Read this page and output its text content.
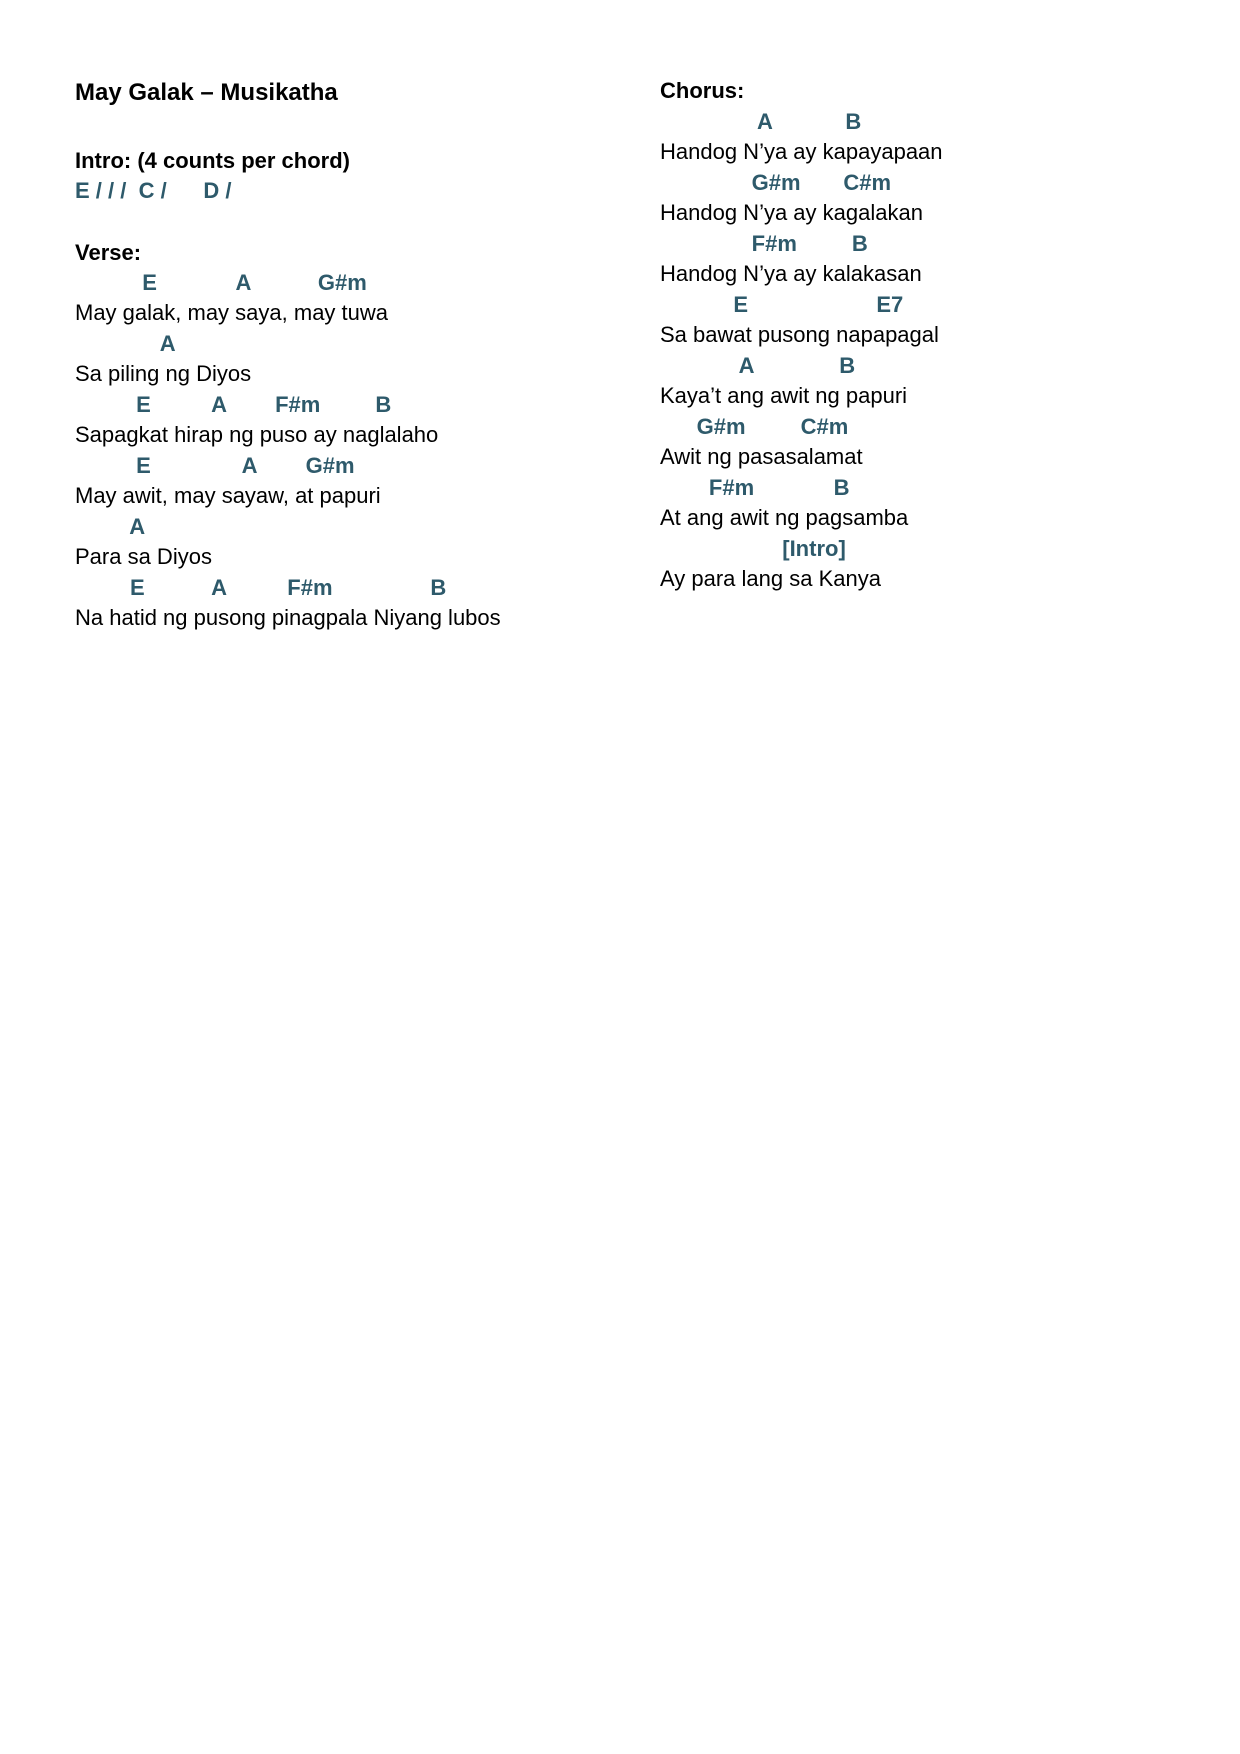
May Galak – Musikatha
Intro: (4 counts per chord)
E / / /  C /      D /
Verse:
E             A           G#m
May galak, may saya, may tuwa
A
Sa piling ng Diyos
E          A        F#m         B
Sapagkat hirap ng puso ay naglalaho
E               A        G#m
May awit, may sayaw, at papuri
A
Para sa Diyos
E           A          F#m                B
Na hatid ng pusong pinagpala Niyang lubos
Chorus:
A            B
Handog N’ya ay kapayapaan
G#m       C#m
Handog N’ya ay kagalakan
F#m         B
Handog N’ya ay kalakasan
E                     E7
Sa bawat pusong napapagal
A              B
Kaya’t ang awit ng papuri
G#m         C#m
Awit ng pasasalamat
F#m             B
At ang awit ng pagsamba
[Intro]
Ay para lang sa Kanya
